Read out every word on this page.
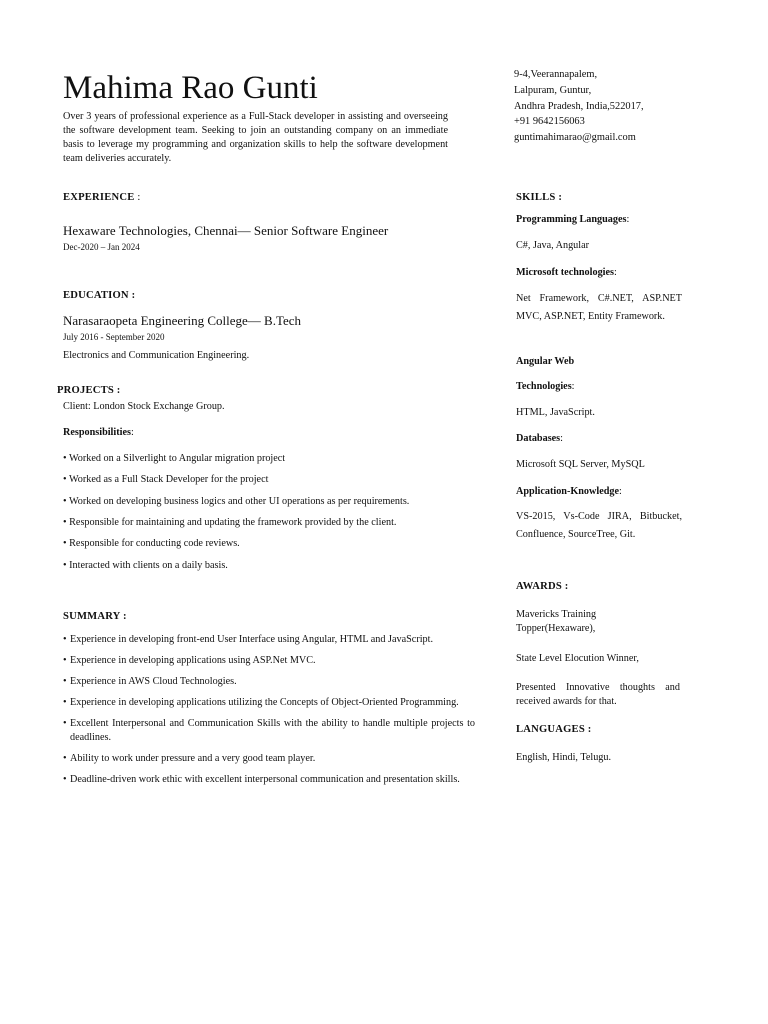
Mahima Rao Gunti
Over 3 years of professional experience as a Full-Stack developer in assisting and overseeing the software development team. Seeking to join an outstanding company on an immediate basis to leverage my programming and organization skills to help the software development team deliveries accurately.
9-4,Veerannapalem,
Lalpuram, Guntur,
Andhra Pradesh, India,522017,
+91 9642156063
guntimahimarao@gmail.com
EXPERIENCE :
Hexaware Technologies, Chennai— Senior Software Engineer
Dec-2020 – Jan 2024
EDUCATION :
Narasaraopeta Engineering College— B.Tech
July 2016 - September 2020
Electronics and Communication Engineering.
PROJECTS :
Client: London Stock Exchange Group.
Responsibilities:
• Worked on a Silverlight to Angular migration project
• Worked as a Full Stack Developer for the project
• Worked on developing business logics and other UI operations as per requirements.
• Responsible for maintaining and updating the framework provided by the client.
• Responsible for conducting code reviews.
• Interacted with clients on a daily basis.
SUMMARY :
• Experience in developing front-end User Interface using Angular, HTML and JavaScript.
• Experience in developing applications using ASP.Net MVC.
• Experience in AWS Cloud Technologies.
• Experience in developing applications utilizing the Concepts of Object-Oriented Programming.
• Excellent Interpersonal and Communication Skills with the ability to handle multiple projects to deadlines.
• Ability to work under pressure and a very good team player.
• Deadline-driven work ethic with excellent interpersonal communication and presentation skills.
SKILLS :
Programming Languages:
C#, Java, Angular
Microsoft technologies:
Net Framework, C#.NET, ASP.NET MVC, ASP.NET, Entity Framework.
Angular Web
Technologies:
HTML, JavaScript.
Databases:
Microsoft SQL Server, MySQL
Application-Knowledge:
VS-2015, Vs-Code JIRA, Bitbucket, Confluence, SourceTree, Git.
AWARDS :
Mavericks Training Topper(Hexaware),
State Level Elocution Winner,
Presented Innovative thoughts and received awards for that.
LANGUAGES :
English, Hindi, Telugu.
